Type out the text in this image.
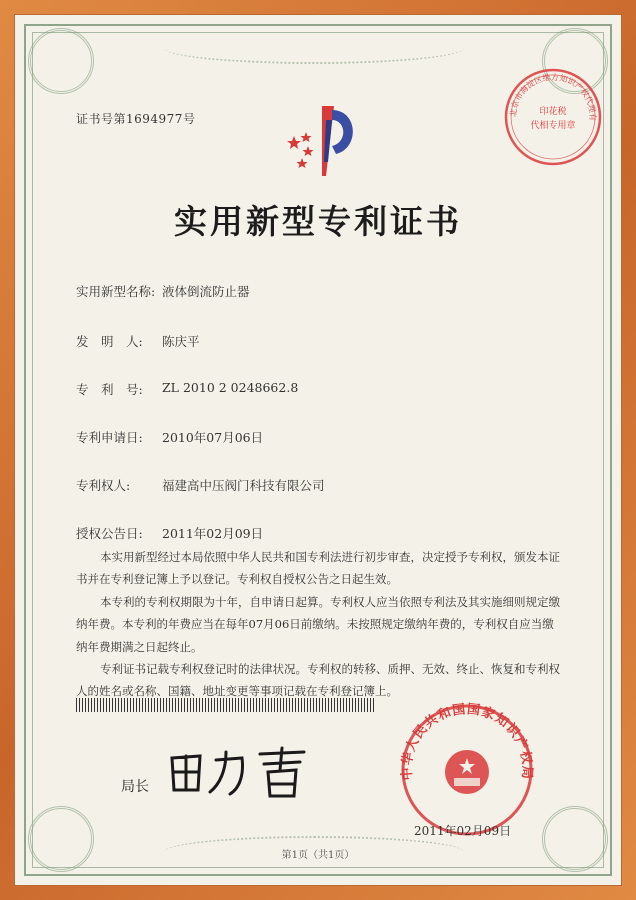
证书号第1694977号	北京市海淀区维方知识产权代理有
印花税
代相专用章
实用新型专利证书
实用新型名称: 液体倒流防止器
发　明　人:	陈庆平
专　利　号:	ZL 2010 2 0248662.8
专利申请日:	2010年07月06日
专利权人:	福建高中压阀门科技有限公司
授权公告日:	2011年02月09日

本实用新型经过本局依照中华人民共和国专利法进行初步审查，决定授予专利权，颁发本证书并在专利登记簿上予以登记。专利权自授权公告之日起生效。

本专利的专利权期限为十年，自申请日起算。专利权人应当依照专利法及其实施细则规定缴纳年费。本专利的年费应当在每年07月06日前缴纳。未按照规定缴纳年费的，专利权自应当缴纳年费期满之日起终止。

专利证书记载专利权登记时的法律状况。专利权的转移、质押、无效、终止、恢复和专利权人的姓名或名称、国籍、地址变更等事项记载在专利登记簿上。

局长
中华人民共和国国家知识产权局
2011年02月09日
第1页（共1页）
